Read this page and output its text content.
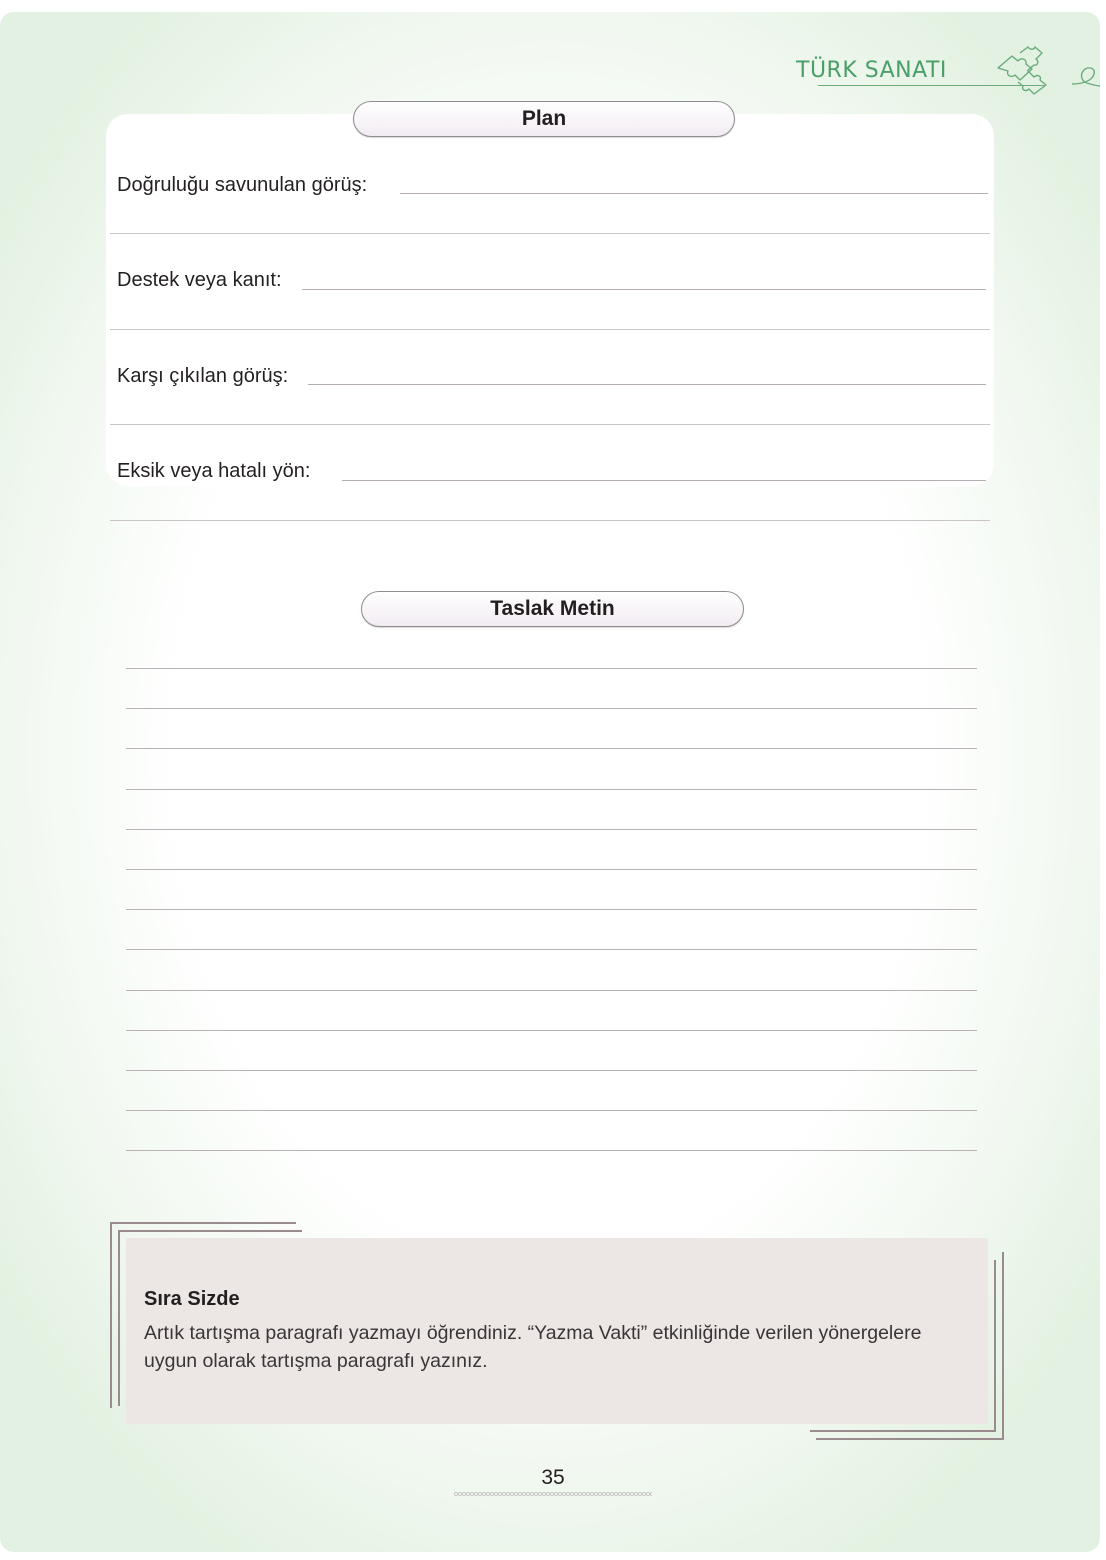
TÜRK SANATI
Plan
Doğruluğu savunulan görüş:
Destek veya kanıt:
Karşı çıkılan görüş:
Eksik veya hatalı yön:
Taslak Metin
Sıra Sizde
Artık tartışma paragrafı yazmayı öğrendiniz. “Yazma Vakti” etkinliğinde verilen yönergelere uygun olarak tartışma paragrafı yazınız.
35
